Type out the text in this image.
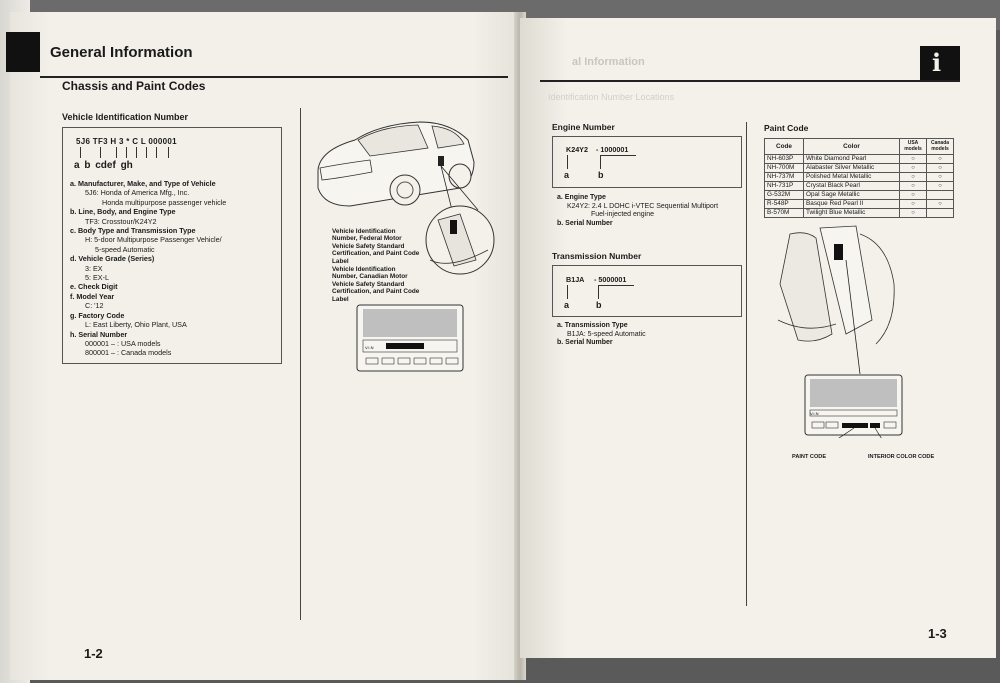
General Information
Chassis and Paint Codes
Vehicle Identification Number
5J6 TF3 H 3 * C L 000001
a b cdef gh
a. Manufacturer, Make, and Type of Vehicle
5J6: Honda of America Mfg., Inc.
Honda multipurpose passenger vehicle
b. Line, Body, and Engine Type
TF3: Crosstour/K24Y2
c. Body Type and Transmission Type
H: 5-door Multipurpose Passenger Vehicle/
5-speed Automatic
d. Vehicle Grade (Series)
3: EX
5: EX-L
e. Check Digit
f. Model Year
C: '12
g. Factory Code
L: East Liberty, Ohio Plant, USA
h. Serial Number
000001 – : USA models
800001 – : Canada models
Vehicle Identification Number, Federal Motor Vehicle Safety Standard Certification, and Paint Code Label
Vehicle Identification Number, Canadian Motor Vehicle Safety Standard Certification, and Paint Code Label
V.I.N
1-2
al Information
Identification Number Locations
i
Engine Number
K24Y2 - 1000001
a	b
a. Engine Type
K24Y2: 2.4 L DOHC i-VTEC Sequential Multiport
Fuel-injected engine
b. Serial Number
Transmission Number
B1JA - 5000001
a	b
a. Transmission Type
B1JA: 5-speed Automatic
b. Serial Number
Paint Code
Code	Color	USA models	Canada models
NH-603P	White Diamond Pearl	○	○
NH-700M	Alabaster Silver Metallic	○	○
NH-737M	Polished Metal Metallic	○	○
NH-731P	Crystal Black Pearl	○	○
G-532M	Opal Sage Metallic	○	
R-548P	Basque Red Pearl II	○	○
B-570M	Twilight Blue Metallic	○	
V.I.N
PAINT CODE	INTERIOR COLOR CODE
1-3
